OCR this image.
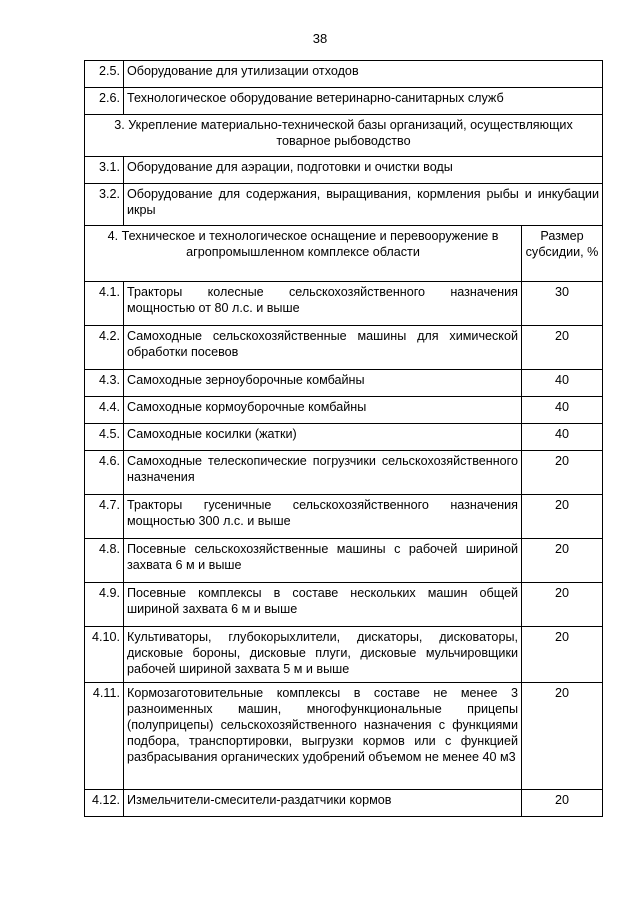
38
2.5.	Оборудование для утилизации отходов	
2.6.	Технологическое оборудование ветеринарно-санитарных служб	
3. Укрепление материально-технической базы организаций, осуществляющих товарное рыбоводство		
3.1.	Оборудование для аэрации, подготовки и очистки воды	
3.2.	Оборудование для содержания, выращивания, кормления рыбы и инкубации икры	
4. Техническое и технологическое оснащение и перевооружение в агропромышленном комплексе области		Размер субсидии, %
4.1.	Тракторы колесные сельскохозяйственного назначения мощностью от 80 л.с. и выше	30
4.2.	Самоходные сельскохозяйственные машины для химической обработки посевов	20
4.3.	Самоходные зерноуборочные комбайны	40
4.4.	Самоходные кормоуборочные комбайны	40
4.5.	Самоходные косилки (жатки)	40
4.6.	Самоходные телескопические погрузчики сельскохозяйственного назначения	20
4.7.	Тракторы гусеничные сельскохозяйственного назначения мощностью 300 л.с. и выше	20
4.8.	Посевные сельскохозяйственные машины с рабочей шириной захвата 6 м и выше	20
4.9.	Посевные комплексы в составе нескольких машин общей шириной захвата 6 м и выше	20
4.10.	Культиваторы, глубокорыхлители, дискаторы, дисковаторы, дисковые бороны, дисковые плуги, дисковые мульчировщики рабочей шириной захвата 5 м и выше	20
4.11.	Кормозаготовительные комплексы в составе не менее 3 разноименных машин, многофункциональные прицепы (полуприцепы) сельскохозяйственного назначения с функциями подбора, транспортировки, выгрузки кормов или с функцией разбрасывания органических удобрений объемом не менее 40 м3	20
4.12.	Измельчители-смесители-раздатчики кормов	20
